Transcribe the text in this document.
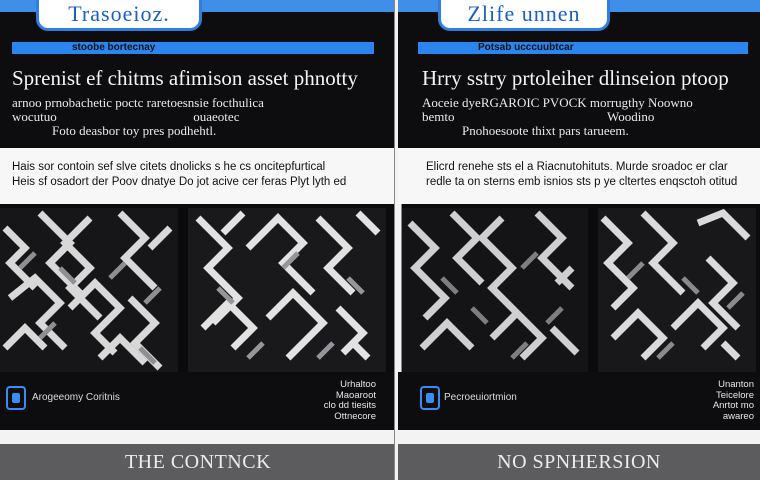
Trasoeioz.
stoobe bortecnay
Sprenist ef chitms afimison asset phnotty
arnoo prnobachetic poctc raretoesnsie focthulica
wocutuo                                          ouaeotec
Foto deasbor toy pres podhehtl.
Hais sor contoin sef slve citets dnolicks s he cs oncitepfurtical
Heis sf osadort der Poov dnatye Do jot acive cer feras Plyt lyth ed
Arogeeomy Coritnis
Urhaltoo
Maoaroot
clo dd tiesits
Ottnecore
THE CONTNCK
Zlife unnen
Potsab ucccuubtcar
Hrry sstry prtoleiher dlinseion ptoop
Aoceie dyeRGAROIC PVOCK morrugthy Noowno
bemto                                               Woodino
Pnohoesoote thixt pars tarueem.
Elicrd renehe sts el a Riacnutohituts. Murde sroadoc er clar
redle ta on sterns emb isnios sts p ye cltertes enqsctoh otitud
Pecroeuiortmion
Unanton
Teicelore
Anrtot mo
awareo
NO SPNHERSION
